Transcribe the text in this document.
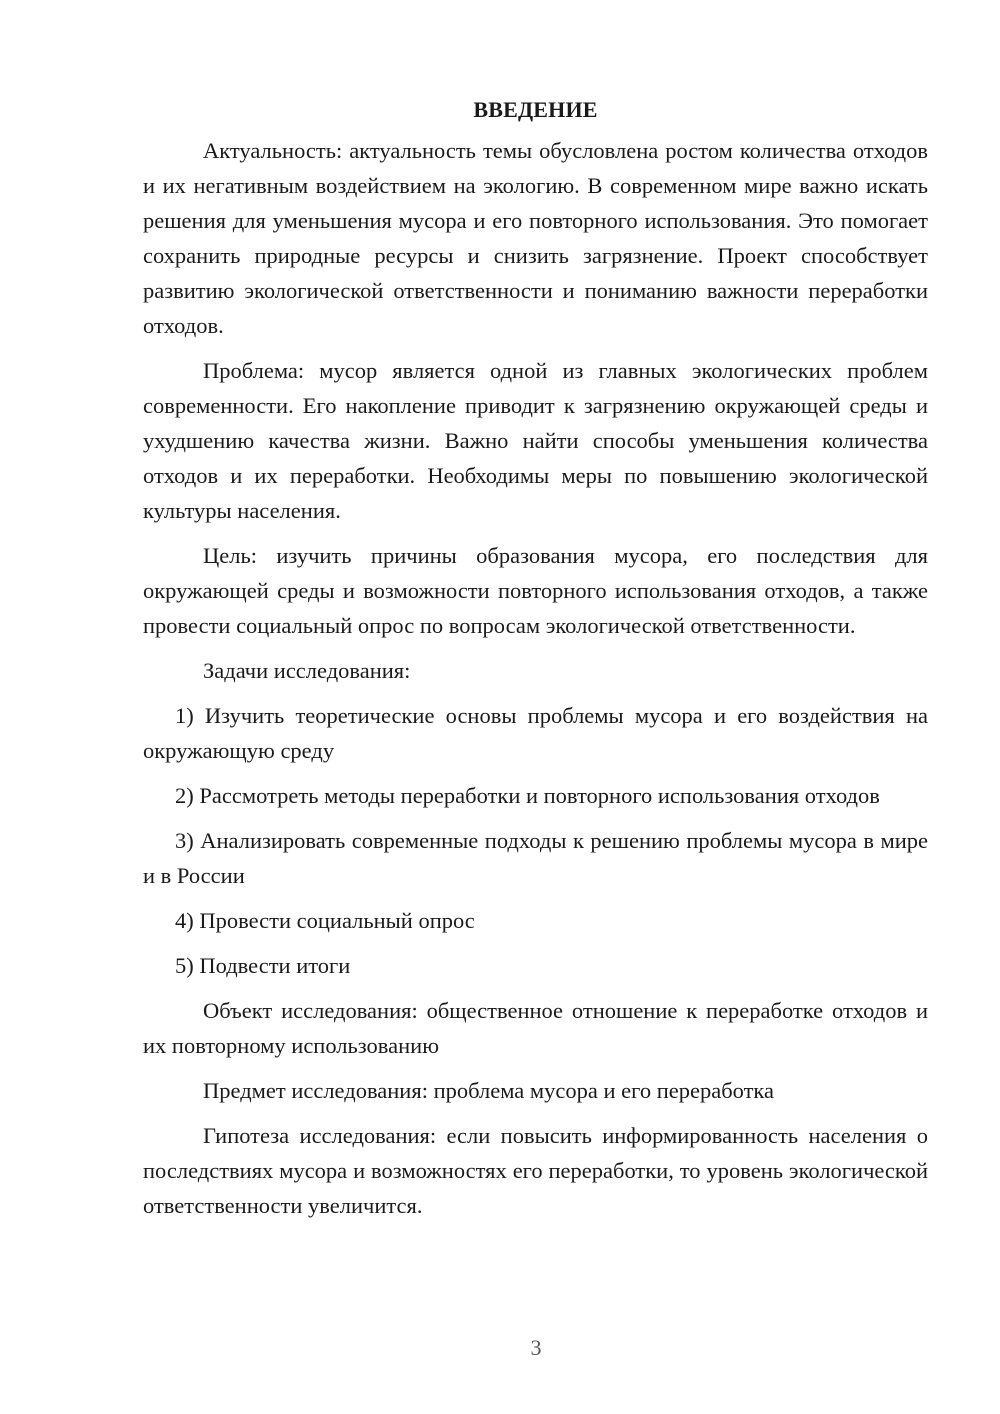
ВВЕДЕНИЕ

Актуальность: актуальность темы обусловлена ростом количества отходов и их негативным воздействием на экологию. В современном мире важно искать решения для уменьшения мусора и его повторного использования. Это помогает сохранить природные ресурсы и снизить загрязнение. Проект способствует развитию экологической ответственности и пониманию важности переработки отходов.

Проблема: мусор является одной из главных экологических проблем современности. Его накопление приводит к загрязнению окружающей среды и ухудшению качества жизни. Важно найти способы уменьшения количества отходов и их переработки. Необходимы меры по повышению экологической культуры населения.

Цель: изучить причины образования мусора, его последствия для окружающей среды и возможности повторного использования отходов, а также провести социальный опрос по вопросам экологической ответственности.

Задачи исследования:

1) Изучить теоретические основы проблемы мусора и его воздействия на окружающую среду

2) Рассмотреть методы переработки и повторного использования отходов

3) Анализировать современные подходы к решению проблемы мусора в мире и в России

4) Провести социальный опрос

5) Подвести итоги

Объект исследования: общественное отношение к переработке отходов и их повторному использованию

Предмет исследования: проблема мусора и его переработка

Гипотеза исследования: если повысить информированность населения о последствиях мусора и возможностях его переработки, то уровень экологической ответственности увеличится.

3
